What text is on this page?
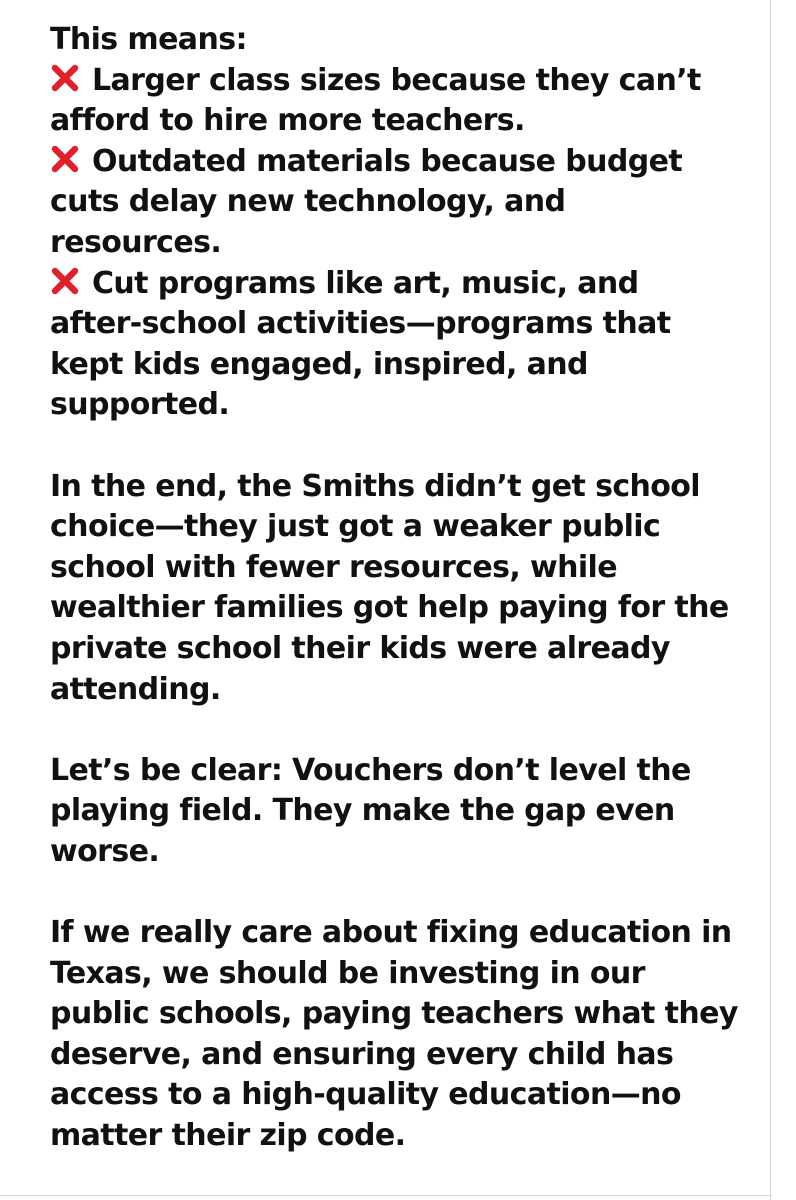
This means:
Larger class sizes because they can’t
afford to hire more teachers.
Outdated materials because budget
cuts delay new technology, and
resources.
Cut programs like art, music, and
after-school activities—programs that
kept kids engaged, inspired, and
supported.
In the end, the Smiths didn’t get school
choice—they just got a weaker public
school with fewer resources, while
wealthier families got help paying for the
private school their kids were already
attending.
Let’s be clear: Vouchers don’t level the
playing field. They make the gap even
worse.
If we really care about fixing education in
Texas, we should be investing in our
public schools, paying teachers what they
deserve, and ensuring every child has
access to a high-quality education—no
matter their zip code.
